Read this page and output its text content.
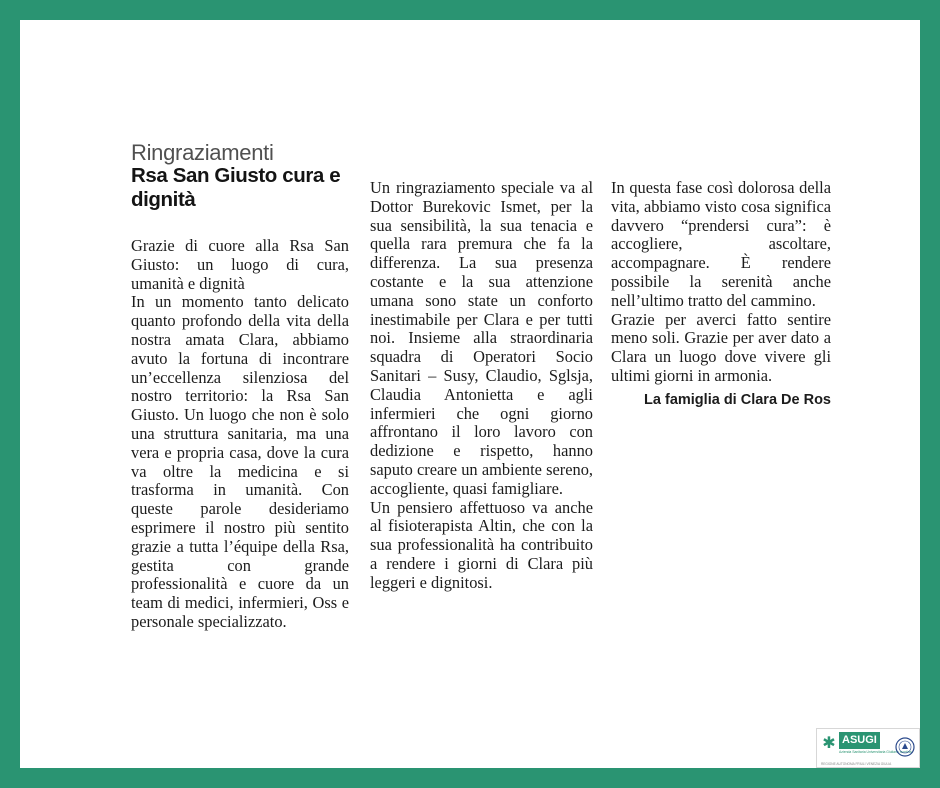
Ringraziamenti
Rsa San Giusto cura e dignità

Grazie di cuore alla Rsa San Giusto: un luogo di cura, umanità e dignità

In un momento tanto delicato quanto profondo della vita della nostra amata Clara, abbiamo avuto la fortuna di incontrare un’eccellenza silenziosa del nostro territorio: la Rsa San Giusto. Un luogo che non è solo una struttura sanitaria, ma una vera e propria casa, dove la cura va oltre la medicina e si trasforma in umanità. Con queste parole desideriamo esprimere il nostro più sentito grazie a tutta l’équipe della Rsa, gestita con grande professionalità e cuore da un team di medici, infermieri, Oss e personale specializzato.

Un ringraziamento speciale va al Dottor Burekovic Ismet, per la sua sensibilità, la sua tenacia e quella rara premura che fa la differenza. La sua presenza costante e la sua attenzione umana sono state un conforto inestimabile per Clara e per tutti noi. Insieme alla straordinaria squadra di Operatori Socio Sanitari – Susy, Claudio, Sglsja, Claudia Antonietta e agli infermieri che ogni giorno affrontano il loro lavoro con dedizione e rispetto, hanno saputo creare un ambiente sereno, accogliente, quasi famigliare.

Un pensiero affettuoso va anche al fisioterapista Altin, che con la sua professionalità ha contribuito a rendere i giorni di Clara più leggeri e dignitosi.

In questa fase così dolorosa della vita, abbiamo visto cosa significa davvero “prendersi cura”: è accogliere, ascoltare, accompagnare. È rendere possibile la serenità anche nell’ultimo tratto del cammino.

Grazie per averci fatto sentire meno soli. Grazie per aver dato a Clara un luogo dove vivere gli ultimi giorni in armonia.

La famiglia di Clara De Ros
✱ ASUGI
Azienda Sanitaria Universitaria Giuliano Isontina
REGIONE AUTONOMA FRIULI VENEZIA GIULIA
